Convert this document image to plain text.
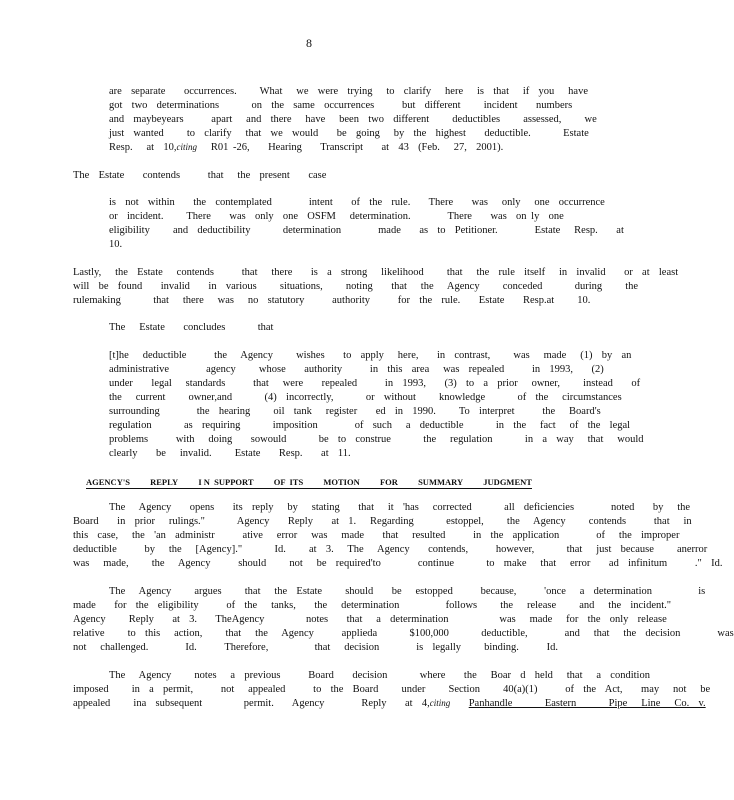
8
are  separate    occurrences.     What   we  were  trying   to  clarify   here   is  that   if  you   have
got  two  determinations       on  the  same  occurrences      but  different     incident    numbers
and  maybeyears      apart   and  there   have   been  two  different     deductibles     assessed,     we
just  wanted     to  clarify   that  we  would    be  going   by  the  highest    deductible.       Estate
Resp.   at  10,citing   R01 -26,    Hearing    Transcript    at  43  (Feb.   27,  2001).
The  Estate    contends      that   the  present    case
is  not  within    the  contemplated        intent    of  the  rule.    There    was   only   one  occurrence
or  incident.     There    was  only  one  OSFM   determination.        There    was  on ly  one
eligibility     and  deductibility       determination        made    as  to  Petitioner.        Estate   Resp.    at
10.
Lastly,   the  Estate   contends      that   there    is  a  strong   likelihood     that   the  rule  itself   in  invalid    or  at  least
will  be  found    invalid    in  various     situations,     noting    that   the   Agency     conceded       during     the
rulemaking       that   there   was   no  statutory      authority      for  the  rule.    Estate    Resp.at     10.
The   Estate    concludes       that
[t]he   deductible      the   Agency     wishes    to  apply   here,    in  contrast,     was   made   (1)  by  an
administrative        agency     whose    authority      in  this  area   was  repealed      in  1993,    (2)
under    legal   standards      that   were    repealed      in  1993,    (3)  to  a  prior   owner,     instead    of
the   current     owner,and       (4)  incorrectly,       or  without     knowledge       of  the   circumstances
surrounding        the  hearing     oil  tank   register    ed  in  1990.     To  interpret      the   Board's
regulation       as  requiring       imposition        of  such   a  deductible       in  the   fact   of  the  legal
problems      with   doing    sowould       be  to  construe       the   regulation       in  a  way   that   would
clearly    be   invalid.     Estate    Resp.    at  11.
AGENCY'S REPLY I N  SUPPORT OF  ITS MOTION FOR SUMMARY JUDGMENT
The   Agency    opens    its  reply   by   stating    that   it  'has   corrected       all  deficiencies        noted    by   the
Board    in  prior   rulings."       Agency    Reply    at  1.   Regarding       estoppel,     the   Agency     contends      that   in
this  case,   the  'an  administr      ative   error   was   made    that   resulted      in  the  application        of   the  improper
deductible      by   the   [Agency]."       Id.     at  3.   The   Agency    contends,      however,       that   just  because     anerror
was   made,     the   Agency      should     not   be  required'to        continue       to  make   that   error    ad  infinitum      ."  Id.
The   Agency     argues     that   the  Estate     should    be   estopped      because,      'once   a  determination          is
made    for  the  eligibility      of  the   tanks,    the   determination          follows     the   release     and   the  incident."
Agency     Reply    at  3.    TheAgency         notes    that   a  determination           was   made   for  the  only  release
relative     to  this   action,     that   the   Agency      applieda       $100,000       deductible,        and   that   the  decision        was
not   challenged.        Id.      Therefore,          that   decision        is  legally     binding.      Id.
The   Agency     notes   a  previous      Board    decision       where    the   Boar  d  held   that   a  condition
imposed     in  a  permit,      not   appealed      to  the  Board     under     Section     40(a)(1)      of  the  Act,    may   not   be
appealed     ina  subsequent         permit.    Agency        Reply    at  4,citing Panhandle       Eastern       Pipe   Line   Co.  v.
